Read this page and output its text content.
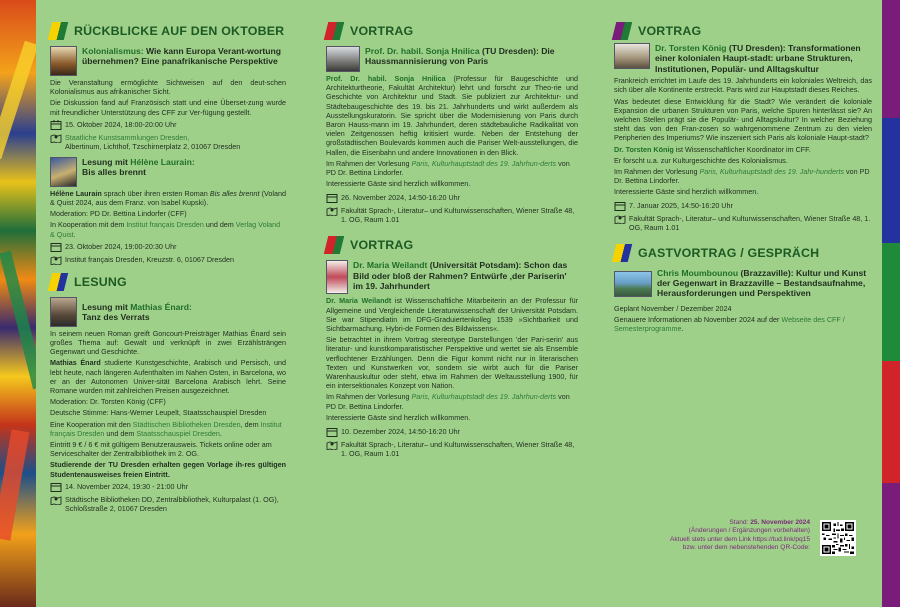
RÜCKBLICKE AUF DEN OKTOBER
Kolonialismus: Wie kann Europa Verant-wortung übernehmen? Eine panafrikanische Perspektive

Die Veranstaltung ermöglichte Sichtweisen auf den deut-schen Kolonialismus aus afrikanischer Sicht.

Die Diskussion fand auf Französisch statt und eine Überset-zung wurde mit freundlicher Unterstützung des CFF zur Ver-fügung gestellt.

15. Oktober 2024, 18:00-20:00 Uhr
Staatliche Kunstsammlungen Dresden,
Albertinum, Lichthof, Tzschirnerplatz 2, 01067 Dresden
Lesung mit Hélène Laurain:
Bis alles brennt

Hélène Laurain sprach über ihren ersten Roman Bis alles brennt (Voland & Quist 2024, aus dem Franz. von Isabel Kupski).

Moderation: PD Dr. Bettina Lindorfer (CFF)

In Kooperation mit dem Institut français Dresden und dem Verlag Voland & Quist.

23. Oktober 2024, 19:00-20:30 Uhr
Institut français Dresden, Kreuzstr. 6, 01067 Dresden
LESUNG
Lesung mit Mathias Énard:
Tanz des Verrats

In seinem neuen Roman greift Goncourt-Preisträger Mathias Énard sein großes Thema auf: Gewalt und verknüpft in zwei Erzählsträngen Gegenwart und Geschichte.

Mathias Énard studierte Kunstgeschichte, Arabisch und Persisch, und lebt heute, nach längeren Aufenthalten im Nahen Osten, in Barcelona, wo er an der Autonomen Univer-sität Barcelona Arabisch lehrt. Seine Romane wurden mit zahlreichen Preisen ausgezeichnet.

Moderation: Dr. Torsten König (CFF)

Deutsche Stimme: Hans-Werner Leupelt, Staatsschauspiel Dresden

Eine Kooperation mit den Städtischen Bibliotheken Dresden, dem Institut français Dresden und dem Staatsschauspiel Dresden.

Eintritt 9 € / 6 € mit gültigem Benutzerausweis. Tickets online oder am Serviceschalter der Zentralbibliothek im 2. OG.

Studierende der TU Dresden erhalten gegen Vorlage ih-res gültigen Studentenausweises freien Eintritt.

14. November 2024, 19:30 - 21:00 Uhr
Städtische Bibliotheken DD, Zentralbibliothek, Kulturpalast (1. OG), Schloßstraße 2, 01067 Dresden
VORTRAG
Prof. Dr. habil. Sonja Hnilica (TU Dresden): Die Haussmannisierung von Paris

Prof. Dr. habil. Sonja Hnilica (Professur für Baugeschichte und Architekturtheorie, Fakultät Architektur) lehrt und forscht zur Theo-rie und Geschichte von Architektur und Stadt. Sie publiziert zur Architektur- und Städtebaugeschichte des 19. bis 21. Jahrhunderts und wirkt außerdem als Ausstellungskuratorin. Sie spricht über die Modernisierung von Paris durch Baron Hauss-mann im 19. Jahrhundert, deren städtebauliche Radikalität von vielen Zeitgenossen heftig kritisiert wurde. Neben der Entstehung der großstädtischen Boulevards kommen auch die Pariser Welt-ausstellungen, die Hallen, die Eisenbahn und andere Innovationen in den Blick.

Im Rahmen der Vorlesung Paris, Kulturhauptstadt des 19. Jahrhun-derts von PD Dr. Bettina Lindorfer.

Interessierte Gäste sind herzlich willkommen.

26. November 2024, 14:50-16:20 Uhr
Fakultät Sprach-, Literatur– und Kulturwissenschaften, Wiener Straße 48, 1. OG, Raum 1.01
VORTRAG
Dr. Maria Weilandt (Universität Potsdam): Schon das Bild oder bloß der Rahmen? Entwürfe ‚der Pariserin' im 19. Jahrhundert

Dr. Maria Weilandt ist Wissenschaftliche Mitarbeiterin an der Professur für Allgemeine und Vergleichende Literaturwissenschaft der Universität Potsdam. Sie war Stipendiatin im DFG-Graduiertenkolleg 1539 »Sichtbarkeit und Sichtbarmachung. Hybri-de Formen des Bildwissens«.

Sie betrachtet in ihrem Vortrag stereotype Darstellungen 'der Pari-serin' aus literatur- und kunstkomparatistischer Perspektive und wertet sie als Ensemble verflochtener Erzählungen. Denn die Figur kommt nicht nur in literarischen Texten und Kunstwerken vor, sondern sie wirbt auch für die Pariser Warenhauskultur oder steht, etwa im Rahmen der Weltausstellung 1900, für ein intersektionales Konzept von Nation.

Im Rahmen der Vorlesung Paris, Kulturhauptstadt des 19. Jahrhun-derts von PD Dr. Bettina Lindorfer.

Interessierte Gäste sind herzlich willkommen.

10. Dezember 2024, 14:50-16:20 Uhr
Fakultät Sprach-, Literatur– und Kulturwissenschaften, Wiener Straße 48, 1. OG, Raum 1.01
VORTRAG
Dr. Torsten König (TU Dresden): Transformationen einer kolonialen Haupt-stadt: urbane Strukturen, Institutionen, Populär- und Alltagskultur

Frankreich errichtet im Laufe des 19. Jahrhunderts ein koloniales Weltreich, das sich über alle Kontinente erstreckt. Paris wird zur Hauptstadt dieses Reiches.

Was bedeutet diese Entwicklung für die Stadt? Wie verändert die koloniale Expansion die urbanen Strukturen von Paris, welche Spuren hinterlässt sie? An welchen Stellen prägt sie die Populär- und Alltagskultur? In welcher Beziehung steht das von den Fran-zosen so wahrgenommene Zentrum zu den vielen Peripherien des Imperiums? Wie inszeniert sich Paris als koloniale Haupt-stadt?

Dr. Torsten König ist Wissenschaftlicher Koordinator im CFF.

Er forscht u.a. zur Kulturgeschichte des Kolonialismus.

Im Rahmen der Vorlesung Paris, Kulturhauptstadt des 19. Jahr-hunderts von PD Dr. Bettina Lindorfer.

Interessierte Gäste sind herzlich willkommen.

7. Januar 2025, 14:50-16:20 Uhr
Fakultät Sprach-, Literatur– und Kulturwissenschaften, Wiener Straße 48, 1. OG, Raum 1.01
GASTVORTRAG / GESPRÄCH
Chris Moumbounou (Brazzaville): Kultur und Kunst der Gegenwart in Brazzaville – Bestandsaufnahme, Herausforderungen und Perspektiven

Geplant November / Dezember 2024

Genauere Informationen ab November 2024 auf der Webseite des CFF / Semesterprogramme.

Stand: 25. November 2024
(Änderungen / Ergänzungen vorbehalten)
Aktuell stets unter dem Link https://tud.link/pq15
bzw. unter dem nebenstehenden QR-Code:
